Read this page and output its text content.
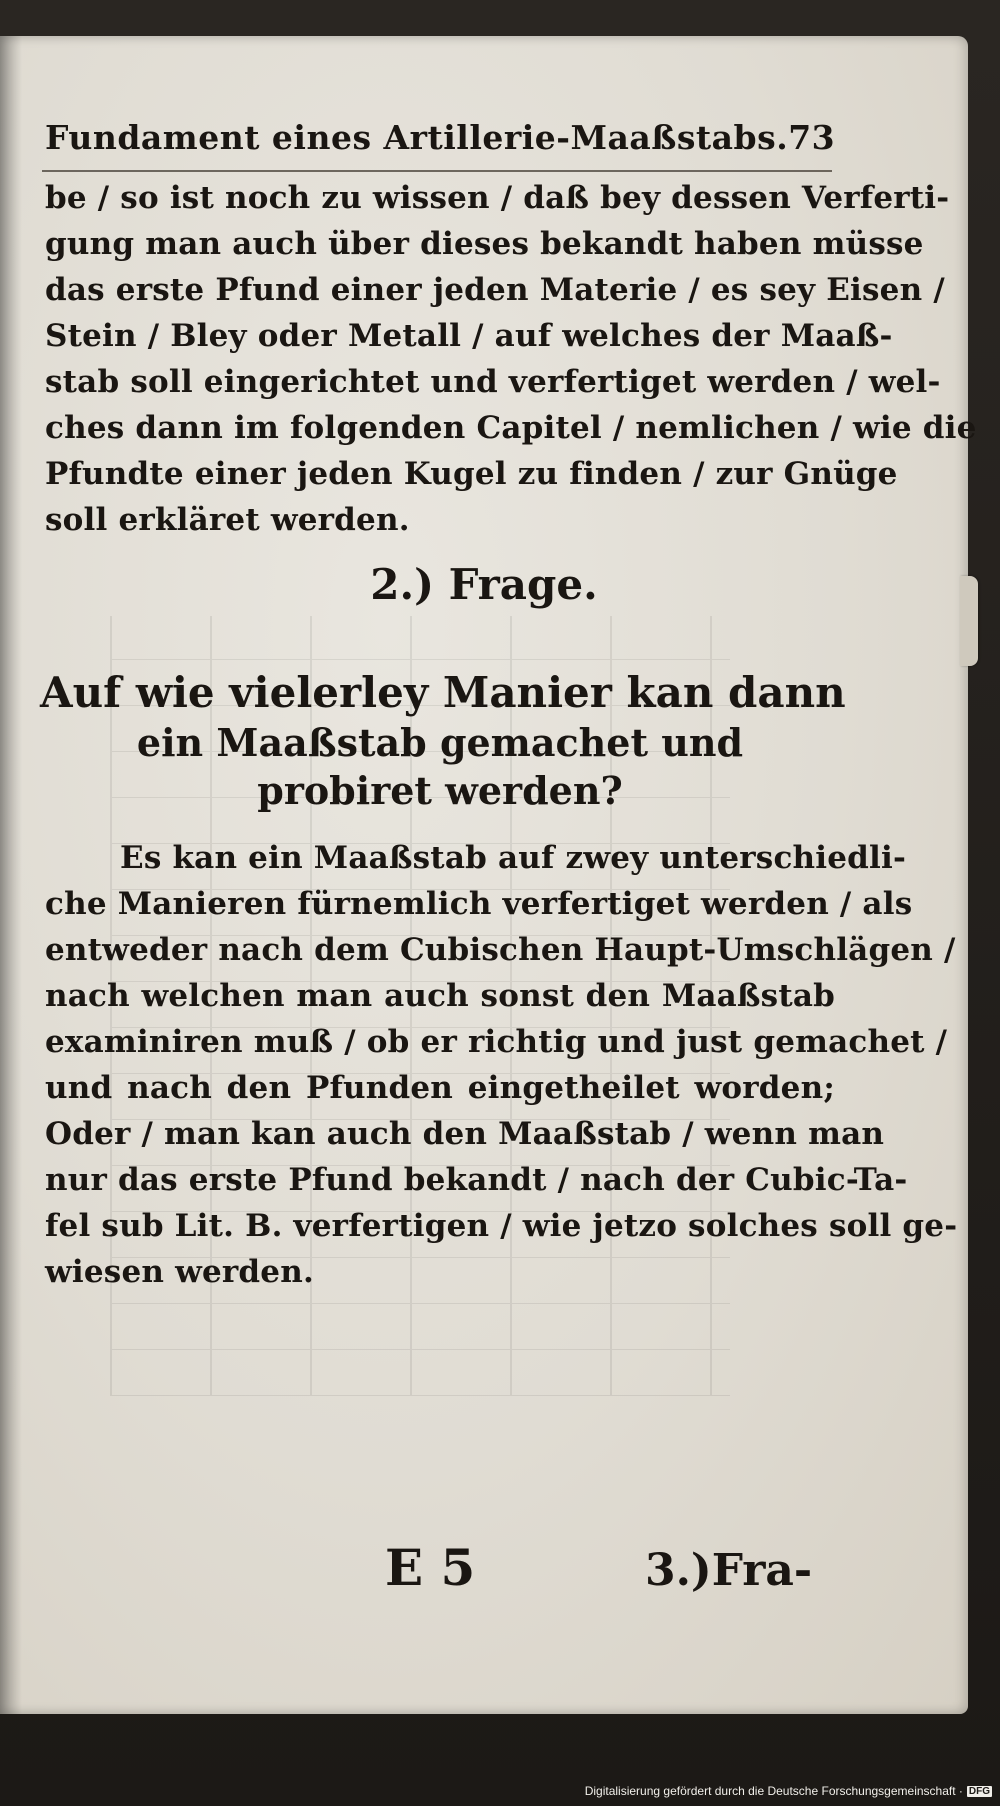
Fundament eines Artillerie-Maaßstabs.73
be / so ist noch zu wissen / daß bey dessen Verferti-
gung man auch über dieses bekandt haben müsse
das erste Pfund einer jeden Materie / es sey Eisen /
Stein / Bley oder Metall / auf welches der Maaß-
stab soll eingerichtet und verfertiget werden / wel-
ches dann im folgenden Capitel / nemlichen / wie die
Pfundte einer jeden Kugel zu finden / zur Gnüge
soll erkläret werden.
2.) Frage.
Auf wie vielerley Manier kan dann
ein Maaßstab gemachet und
probiret werden?
Es kan ein Maaßstab auf zwey unterschiedli-
che Manieren fürnemlich verfertiget werden / als
entweder nach dem Cubischen Haupt-Umschlägen /
nach welchen man auch sonst den Maaßstab
examiniren muß / ob er richtig und just gemachet /
und nach den Pfunden eingetheilet worden;
Oder / man kan auch den Maaßstab / wenn man
nur das erste Pfund bekandt / nach der Cubic-Ta-
fel sub Lit. B. verfertigen / wie jetzo solches soll ge-
wiesen werden.
E 5	3.)Fra-
Digitalisierung gefördert durch die Deutsche Forschungsgemeinschaft · DFG
